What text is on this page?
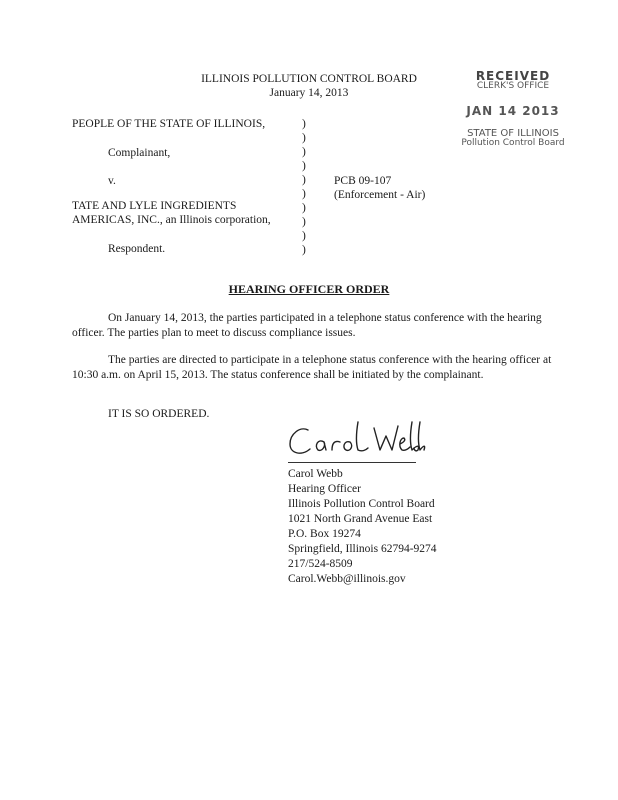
ILLINOIS POLLUTION CONTROL BOARD
January 14, 2013
RECEIVED
CLERK'S OFFICE
JAN 14 2013
STATE OF ILLINOIS
Pollution Control Board
PEOPLE OF THE STATE OF ILLINOIS,
Complainant,
v.
TATE AND LYLE INGREDIENTS
AMERICAS, INC., an Illinois corporation,
Respondent.
)
)
)
)
)
)
)
)
)
)
PCB 09-107
(Enforcement - Air)
HEARING OFFICER ORDER
On January 14, 2013, the parties participated in a telephone status conference with the hearing officer. The parties plan to meet to discuss compliance issues.
The parties are directed to participate in a telephone status conference with the hearing officer at 10:30 a.m. on April 15, 2013. The status conference shall be initiated by the complainant.
IT IS SO ORDERED.
Carol Webb
Hearing Officer
Illinois Pollution Control Board
1021 North Grand Avenue East
P.O. Box 19274
Springfield, Illinois 62794-9274
217/524-8509
Carol.Webb@illinois.gov
